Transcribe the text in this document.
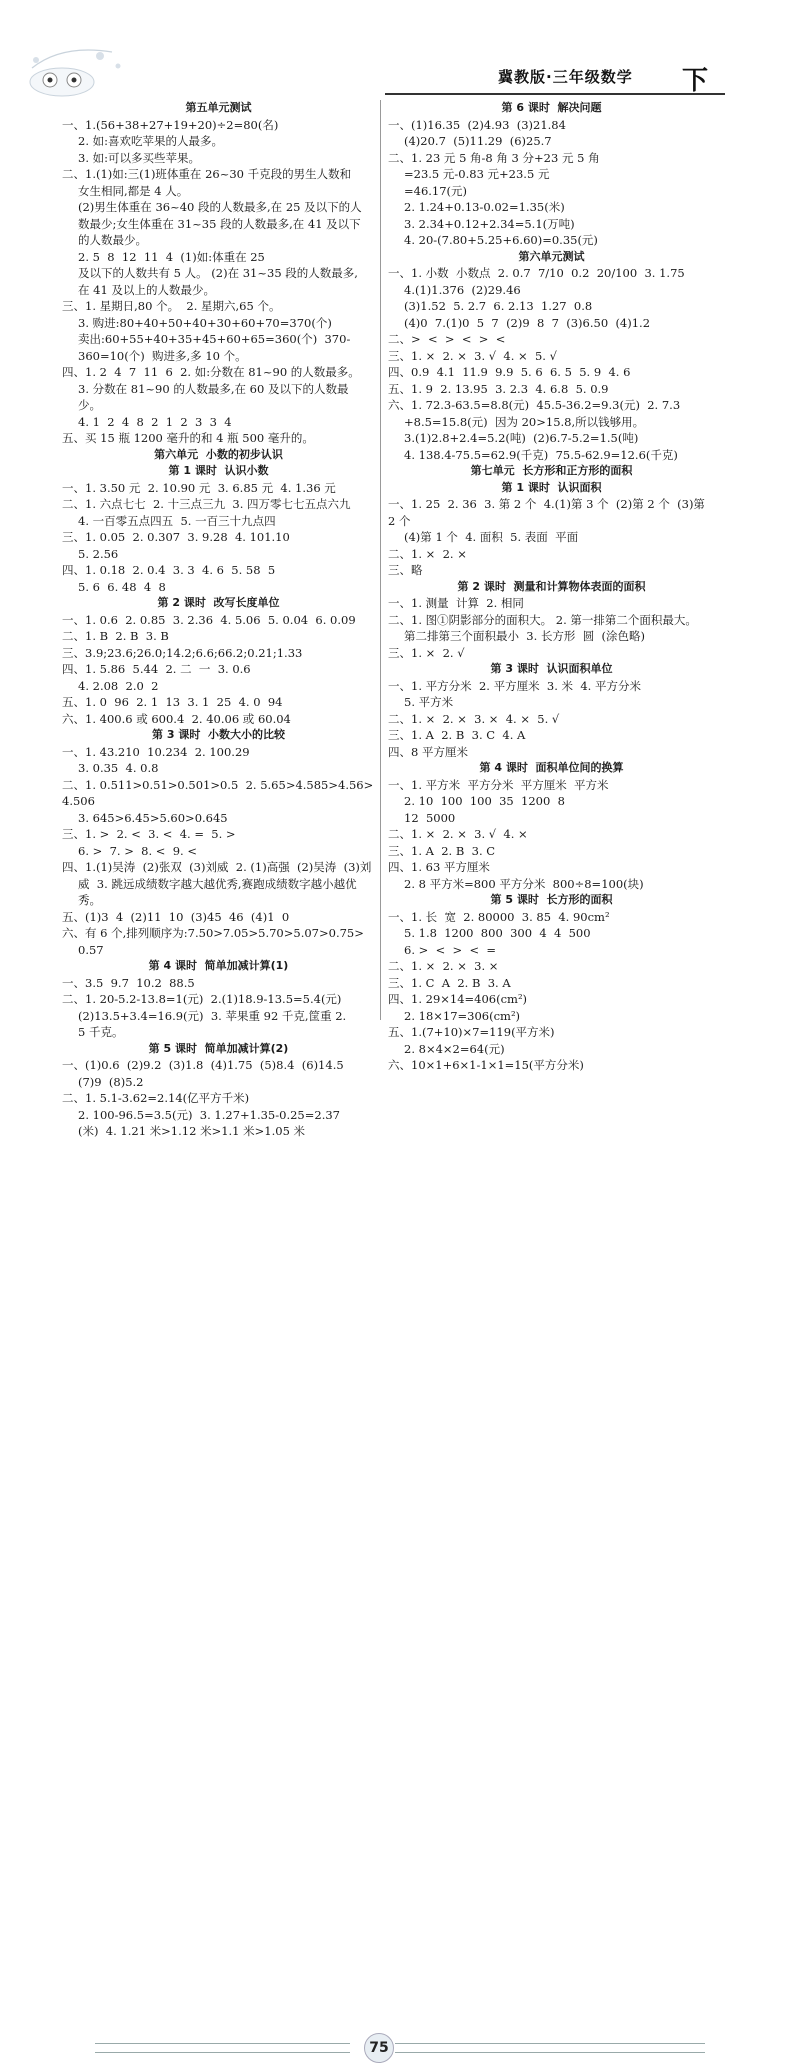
冀教版·三年级数学 下
第五单元测试
一、1.(56+38+27+19+20)÷2=80(名)
2. 如:喜欢吃苹果的人最多。
3. 如:可以多买些苹果。
二、1.(1)如:三(1)班体重在 26~30 千克段的男生人数和
女生相同,都是 4 人。
(2)男生体重在 36~40 段的人数最多,在 25 及以下的人
数最少;女生体重在 31~35 段的人数最多,在 41 及以下
的人数最少。
2. 5  8  12  11  4  (1)如:体重在 25
及以下的人数共有 5 人。 (2)在 31~35 段的人数最多,
在 41 及以上的人数最少。
三、1. 星期日,80 个。  2. 星期六,65 个。
3. 购进:80+40+50+40+30+60+70=370(个)
卖出:60+55+40+35+45+60+65=360(个)  370-
360=10(个)  购进多,多 10 个。
四、1. 2  4  7  11  6  2. 如:分数在 81~90 的人数最多。
3. 分数在 81~90 的人数最多,在 60 及以下的人数最
少。
4. 1  2  4  8  2  1  2  3  3  4
五、买 15 瓶 1200 毫升的和 4 瓶 500 毫升的。
第六单元  小数的初步认识
第 1 课时  认识小数
一、1. 3.50 元  2. 10.90 元  3. 6.85 元  4. 1.36 元
二、1. 六点七七  2. 十三点三九  3. 四万零七七五点六九
4. 一百零五点四五  5. 一百三十九点四
三、1. 0.05  2. 0.307  3. 9.28  4. 101.10
5. 2.56
四、1. 0.18  2. 0.4  3. 3  4. 6  5. 58  5
5. 6  6. 48  4  8
第 2 课时  改写长度单位
一、1. 0.6  2. 0.85  3. 2.36  4. 5.06  5. 0.04  6. 0.09
二、1. B  2. B  3. B
三、3.9;23.6;26.0;14.2;6.6;66.2;0.21;1.33
四、1. 5.86  5.44  2. 二  一  3. 0.6
4. 2.08  2.0  2
五、1. 0  96  2. 1  13  3. 1  25  4. 0  94
六、1. 400.6 或 600.4  2. 40.06 或 60.04
第 3 课时  小数大小的比较
一、1. 43.210  10.234  2. 100.29
3. 0.35  4. 0.8
二、1. 0.511>0.51>0.501>0.5  2. 5.65>4.585>4.56>4.506
3. 645>6.45>5.60>0.645
三、1. >  2. <  3. <  4. =  5. >
6. >  7. >  8. <  9. <
四、1.(1)吴涛  (2)张双  (3)刘威  2. (1)高强  (2)吴涛  (3)刘
威  3. 跳远成绩数字越大越优秀,赛跑成绩数字越小越优
秀。
五、(1)3  4  (2)11  10  (3)45  46  (4)1  0
六、有 6 个,排列顺序为:7.50>7.05>5.70>5.07>0.75>
0.57
第 4 课时  简单加减计算(1)
一、3.5  9.7  10.2  88.5
二、1. 20-5.2-13.8=1(元)  2.(1)18.9-13.5=5.4(元)
(2)13.5+3.4=16.9(元)  3. 苹果重 92 千克,筐重 2.
5 千克。
第 5 课时  简单加减计算(2)
一、(1)0.6  (2)9.2  (3)1.8  (4)1.75  (5)8.4  (6)14.5
(7)9  (8)5.2
二、1. 5.1-3.62=2.14(亿平方千米)
2. 100-96.5=3.5(元)  3. 1.27+1.35-0.25=2.37
(米)  4. 1.21 米>1.12 米>1.1 米>1.05 米
第 6 课时  解决问题
一、(1)16.35  (2)4.93  (3)21.84
(4)20.7  (5)11.29  (6)25.7
二、1. 23 元 5 角-8 角 3 分+23 元 5 角
=23.5 元-0.83 元+23.5 元
=46.17(元)
2. 1.24+0.13-0.02=1.35(米)
3. 2.34+0.12+2.34=5.1(万吨)
4. 20-(7.80+5.25+6.60)=0.35(元)
第六单元测试
一、1. 小数  小数点  2. 0.7  7/10  0.2  20/100  3. 1.75
4.(1)1.376  (2)29.46
(3)1.52  5. 2.7  6. 2.13  1.27  0.8
(4)0  7.(1)0  5  7  (2)9  8  7  (3)6.50  (4)1.2
二、>  <  >  <  >  <
三、1. ×  2. ×  3. √  4. ×  5. √
四、0.9  4.1  11.9  9.9  5. 6  6. 5  5. 9  4. 6
五、1. 9  2. 13.95  3. 2.3  4. 6.8  5. 0.9
六、1. 72.3-63.5=8.8(元)  45.5-36.2=9.3(元)  2. 7.3
+8.5=15.8(元)  因为 20>15.8,所以钱够用。
3.(1)2.8+2.4=5.2(吨)  (2)6.7-5.2=1.5(吨)
4. 138.4-75.5=62.9(千克)  75.5-62.9=12.6(千克)
第七单元  长方形和正方形的面积
第 1 课时  认识面积
一、1. 25  2. 36  3. 第 2 个  4.(1)第 3 个  (2)第 2 个  (3)第 2 个
(4)第 1 个  4. 面积  5. 表面  平面
二、1. ×  2. ×
三、略
第 2 课时  测量和计算物体表面的面积
一、1. 测量  计算  2. 相同
二、1. 图①阴影部分的面积大。 2. 第一排第二个面积最大。
第二排第三个面积最小  3. 长方形  圆  (涂色略)
三、1. ×  2. √
第 3 课时  认识面积单位
一、1. 平方分米  2. 平方厘米  3. 米  4. 平方分米
5. 平方米
二、1. ×  2. ×  3. ×  4. ×  5. √
三、1. A  2. B  3. C  4. A
四、8 平方厘米
第 4 课时  面积单位间的换算
一、1. 平方米  平方分米  平方厘米  平方米
2. 10  100  100  35  1200  8
12  5000
二、1. ×  2. ×  3. √  4. ×
三、1. A  2. B  3. C
四、1. 63 平方厘米
2. 8 平方米=800 平方分米  800÷8=100(块)
第 5 课时  长方形的面积
一、1. 长  宽  2. 80000  3. 85  4. 90cm²
5. 1.8  1200  800  300  4  4  500
6. >  <  >  <  =
二、1. ×  2. ×  3. ×
三、1. C  A  2. B  3. A
四、1. 29×14=406(cm²)
2. 18×17=306(cm²)
五、1.(7+10)×7=119(平方米)
2. 8×4×2=64(元)
六、10×1+6×1-1×1=15(平方分米)
75
